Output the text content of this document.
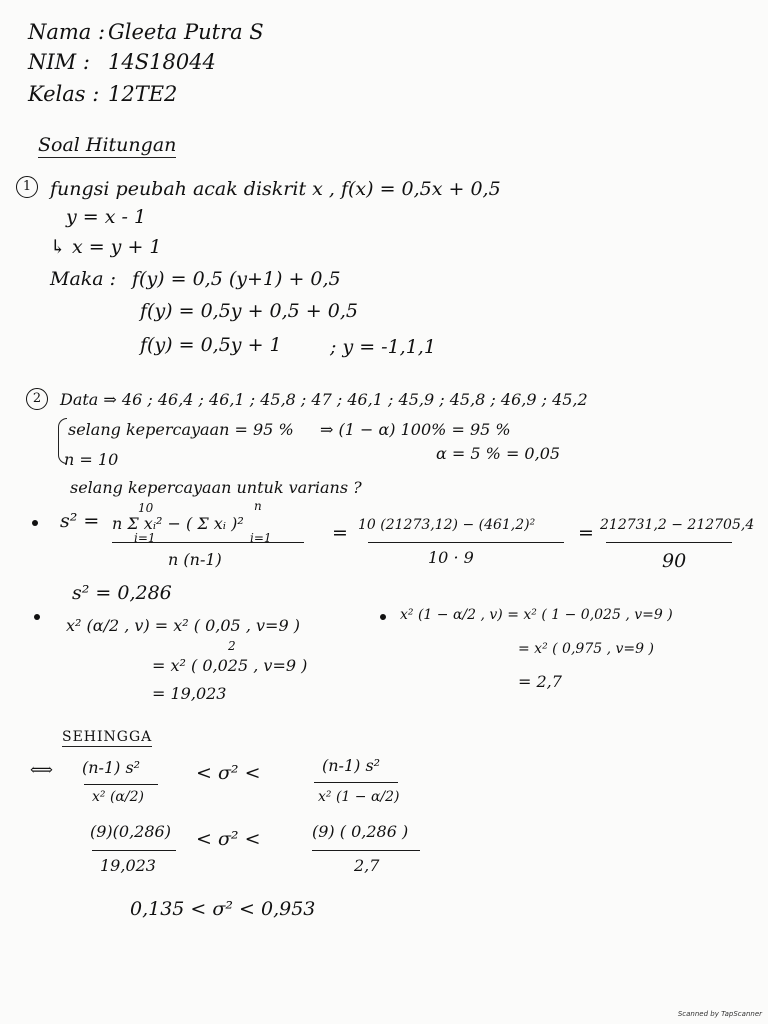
Nama : Gleeta Putra S
NIM : 14S18044
Kelas : 12TE2
Soal Hitungan
1 fungsi peubah acak diskrit x , f(x) = 0,5x + 0,5
y = x - 1
↳ x = y + 1
Maka : f(y) = 0,5 (y+1) + 0,5
f(y) = 0,5y + 0,5 + 0,5
f(y) = 0,5y + 1	; y = -1,1,1
2	Data ⇒ 46 ; 46,4 ; 46,1 ; 45,8 ; 47 ; 46,1 ; 45,9 ; 45,8 ; 46,9 ; 45,2
selang kepercayaan = 95 % ⇒ (1 − α) 100% = 95 %
α = 5 % = 0,05
n = 10
selang kepercayaan untuk varians ?
s² =
10
i=1
n
i=1
n Σ xᵢ² − ( Σ xᵢ )²
n (n-1)
= 10 (21273,12) − (461,2)²
10 · 9
= 212731,2 − 212705,4
90
s² = 0,286
x² (α/2 , v) = x² ( 0,05 , v=9 )
2
= x² ( 0,025 , v=9 )
= 19,023
x² (1 − α/2 , v) = x² ( 1 − 0,025 , v=9 )
= x² ( 0,975 , v=9 )
= 2,7
SEHINGGA
⟺ (n-1) s²
x² (α/2)
< σ² <	(n-1) s²
x² (1 − α/2)
(9)(0,286)
19,023
< σ² <	(9) ( 0,286 )
2,7
0,135 < σ² < 0,953
Scanned by TapScanner
